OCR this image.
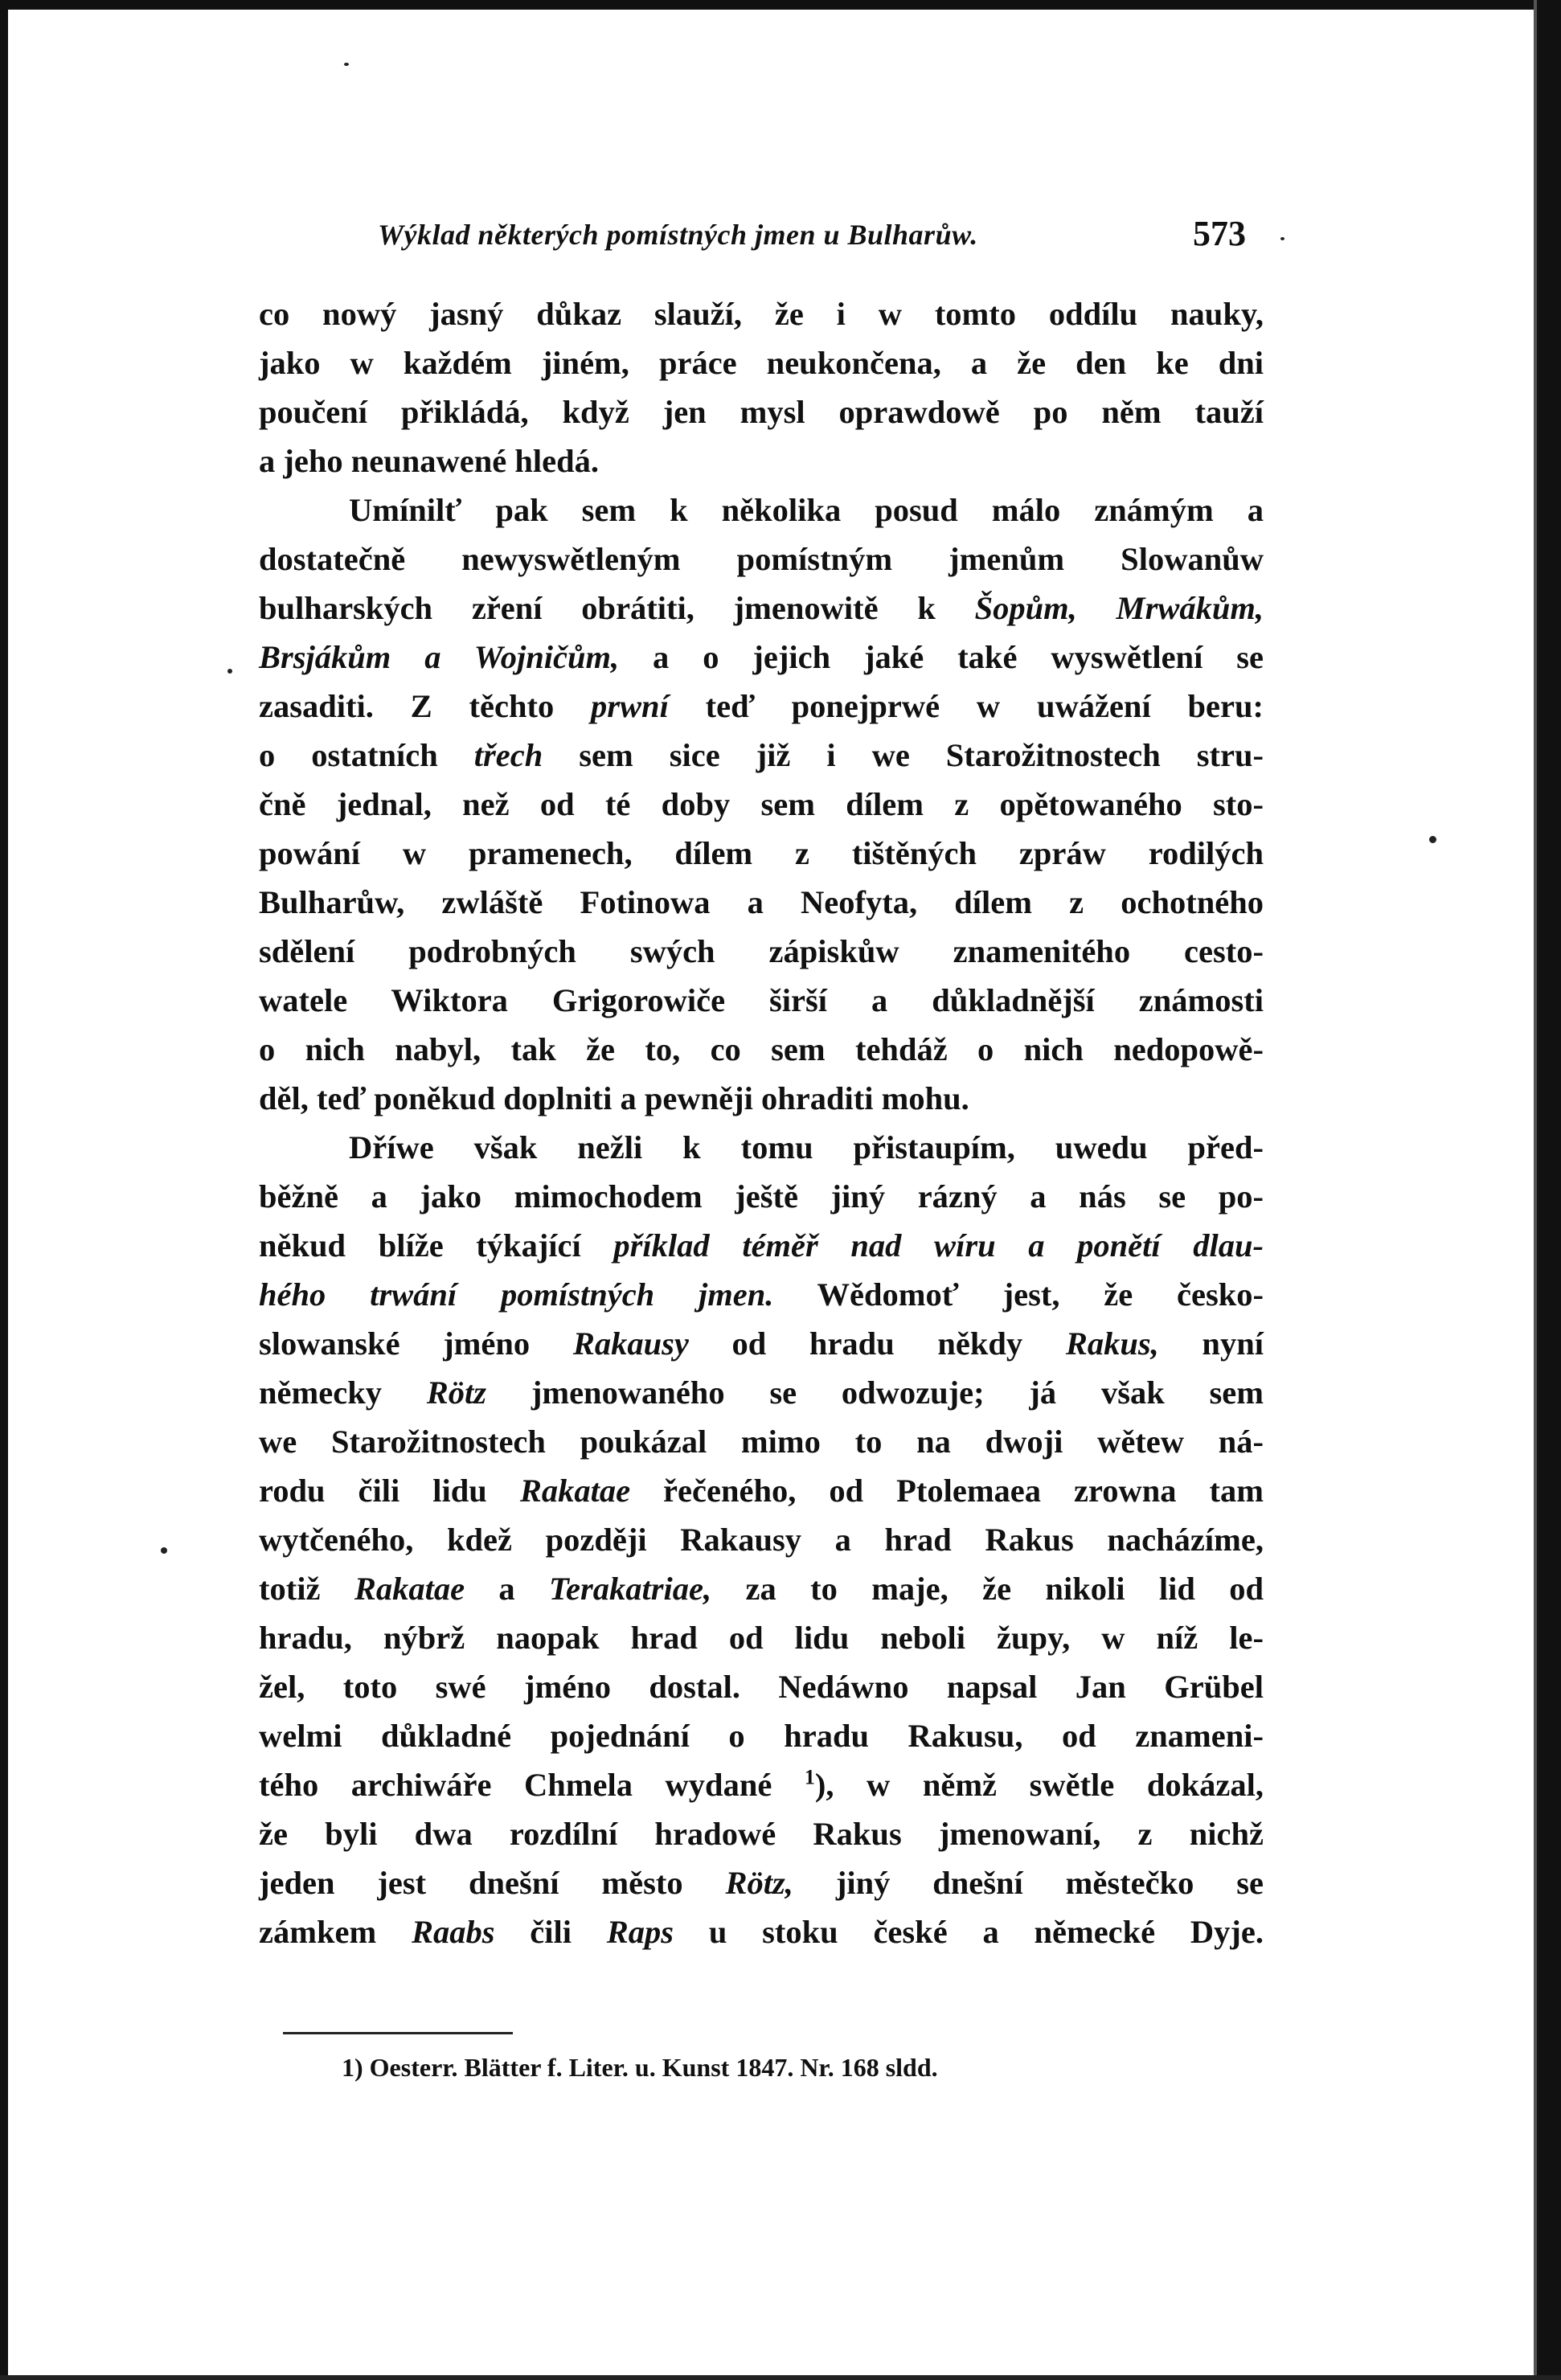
Wýklad některých pomístných jmen u Bulharůw.	573
co nowý jasný důkaz slauží, že i w tomto oddílu nauky,
jako w každém jiném, práce neukončena, a že den ke dni
poučení přikládá, když jen mysl oprawdowě po něm tauží
a jeho neunawené hledá.
Umínilť pak sem k několika posud málo známým a
dostatečně newyswětleným pomístným jmenům Slowanůw
bulharských zření obrátiti, jmenowitě k Šopům, Mrwákům,
Brsjákům a Wojničům, a o jejich jaké také wyswětlení se
zasaditi. Z těchto prwní teď ponejprwé w uwážení beru:
o ostatních třech sem sice již i we Starožitnostech stru-
čně jednal, než od té doby sem dílem z opětowaného sto-
powání w pramenech, dílem z tištěných zpráw rodilých
Bulharůw, zwláště Fotinowa a Neofyta, dílem z ochotného
sdělení podrobných swých zápiskůw znamenitého cesto-
watele Wiktora Grigorowiče širší a důkladnější známosti
o nich nabyl, tak že to, co sem tehdáž o nich nedopowě-
děl, teď poněkud doplniti a pewněji ohraditi mohu.
Dříwe však nežli k tomu přistaupím, uwedu před-
běžně a jako mimochodem ještě jiný rázný a nás se po-
někud blíže týkající příklad téměř nad wíru a ponětí dlau-
hého trwání pomístných jmen. Wědomoť jest, že česko-
slowanské jméno Rakausy od hradu někdy Rakus, nyní
německy Rötz jmenowaného se odwozuje; já však sem
we Starožitnostech poukázal mimo to na dwoji wětew ná-
rodu čili lidu Rakatae řečeného, od Ptolemaea zrowna tam
wytčeného, kdež později Rakausy a hrad Rakus nacházíme,
totiž Rakatae a Terakatriae, za to maje, že nikoli lid od
hradu, nýbrž naopak hrad od lidu neboli župy, w níž le-
žel, toto swé jméno dostal. Nedáwno napsal Jan Grübel
welmi důkladné pojednání o hradu Rakusu, od znameni-
tého archiwáře Chmela wydané $^1$), w němž swětle dokázal,
že byli dwa rozdílní hradowé Rakus jmenowaní, z nichž
jeden jest dnešní město Rötz, jiný dnešní městečko se
zámkem Raabs čili Raps u stoku české a německé Dyje.
1) Oesterr. Blätter f. Liter. u. Kunst 1847. Nr. 168 sldd.
